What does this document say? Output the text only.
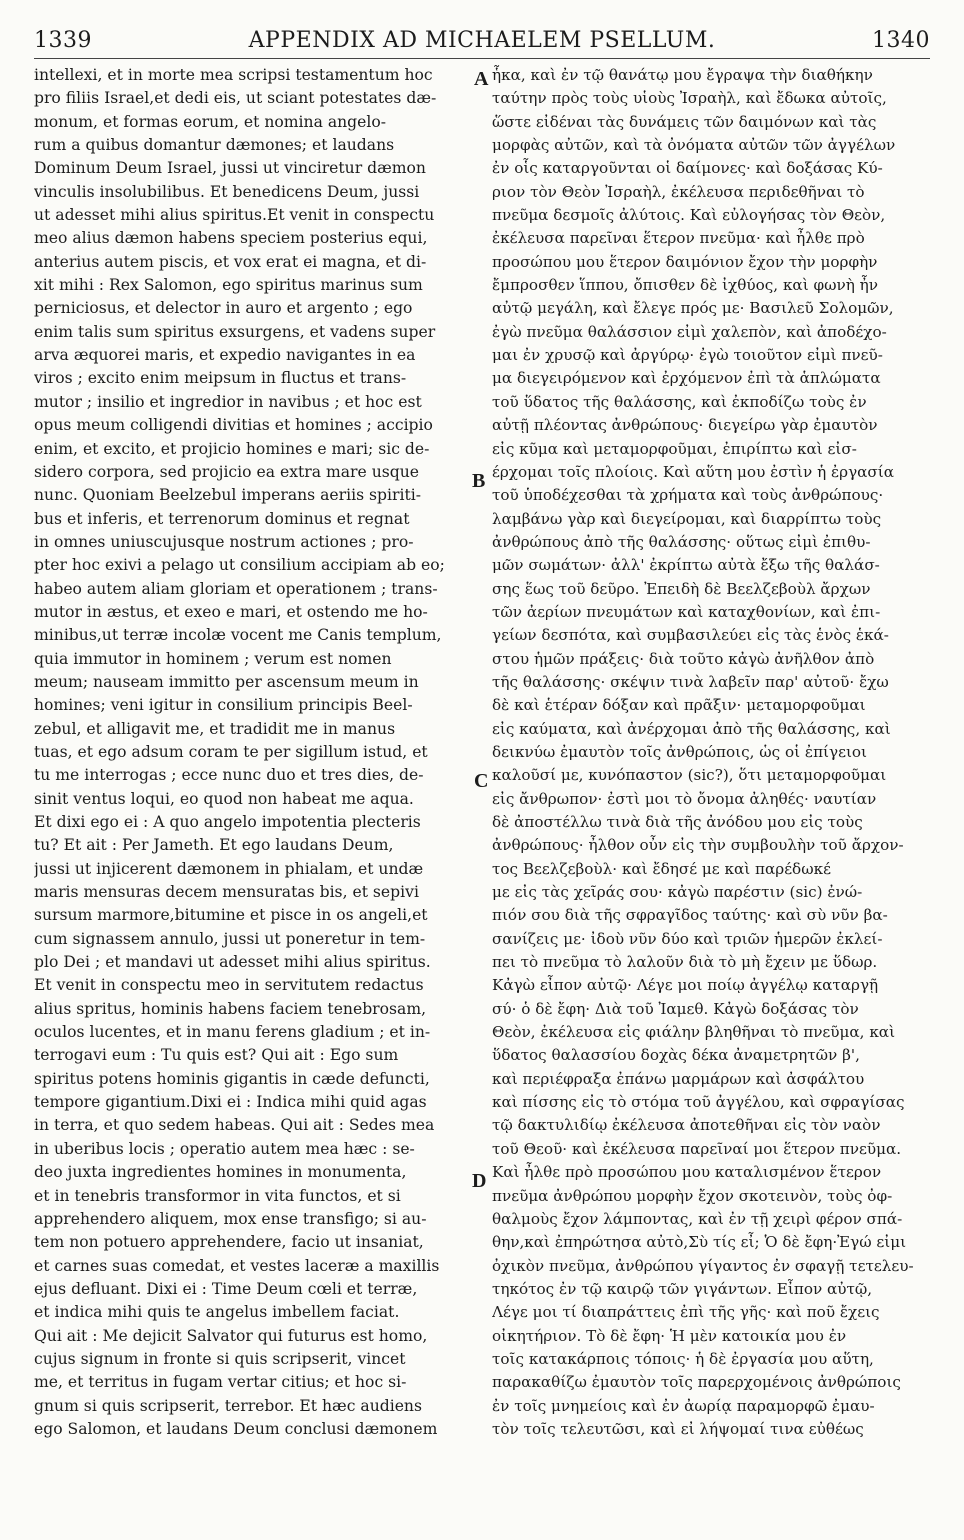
1339	APPENDIX AD MICHAELEM PSELLUM.	1340
intellexi, et in morte mea scripsi testamentum hoc
pro filiis Israel,et dedi eis, ut sciant potestates dæ-
monum, et formas eorum, et nomina angelo-
rum a quibus domantur dæmones; et laudans
Dominum Deum Israel, jussi ut vinciretur dæmon
vinculis insolubilibus. Et benedicens Deum, jussi
ut adesset mihi alius spiritus.Et venit in conspectu
meo alius dæmon habens speciem posterius equi,
anterius autem piscis, et vox erat ei magna, et di-
xit mihi : Rex Salomon, ego spiritus marinus sum
perniciosus, et delector in auro et argento ; ego
enim talis sum spiritus exsurgens, et vadens super
arva æquorei maris, et expedio navigantes in ea
viros ; excito enim meipsum in fluctus et trans-
mutor ; insilio et ingredior in navibus ; et hoc est
opus meum colligendi divitias et homines ; accipio
enim, et excito, et projicio homines e mari; sic de-
sidero corpora, sed projicio ea extra mare usque
nunc. Quoniam Beelzebul imperans aeriis spiriti-
bus et inferis, et terrenorum dominus et regnat
in omnes uniuscujusque nostrum actiones ; pro-
pter hoc exivi a pelago ut consilium accipiam ab eo;
habeo autem aliam gloriam et operationem ; trans-
mutor in æstus, et exeo e mari, et ostendo me ho-
minibus,ut terræ incolæ vocent me Canis templum,
quia immutor in hominem ; verum est nomen
meum; nauseam immitto per ascensum meum in
homines; veni igitur in consilium principis Beel-
zebul, et alligavit me, et tradidit me in manus
tuas, et ego adsum coram te per sigillum istud, et
tu me interrogas ; ecce nunc duo et tres dies, de-
sinit ventus loqui, eo quod non habeat me aqua.
Et dixi ego ei : A quo angelo impotentia plecteris
tu? Et ait : Per Jameth. Et ego laudans Deum,
jussi ut injicerent dæmonem in phialam, et undæ
maris mensuras decem mensuratas bis, et sepivi
sursum marmore,bitumine et pisce in os angeli,et
cum signassem annulo, jussi ut poneretur in tem-
plo Dei ; et mandavi ut adesset mihi alius spiritus.
Et venit in conspectu meo in servitutem redactus
alius spritus, hominis habens faciem tenebrosam,
oculos lucentes, et in manu ferens gladium ; et in-
terrogavi eum : Tu quis est? Qui ait : Ego sum
spiritus potens hominis gigantis in cæde defuncti,
tempore gigantium.Dixi ei : Indica mihi quid agas
in terra, et quo sedem habeas. Qui ait : Sedes mea
in uberibus locis ; operatio autem mea hæc : se-
deo juxta ingredientes homines in monumenta,
et in tenebris transformor in vita functos, et si
apprehendero aliquem, mox ense transfigo; si au-
tem non potuero apprehendere, facio ut insaniat,
et carnes suas comedat, et vestes laceræ a maxillis
ejus defluant. Dixi ei : Time Deum cœli et terræ,
et indica mihi quis te angelus imbellem faciat.
Qui ait : Me dejicit Salvator qui futurus est homo,
cujus signum in fronte si quis scripserit, vincet
me, et territus in fugam vertar citius; et hoc si-
gnum si quis scripserit, terrebor. Et hæc audiens
ego Salomon, et laudans Deum conclusi dæmonem
ἧκα, καὶ ἐν τῷ θανάτῳ μου ἔγραψα τὴν διαθήκην
ταύτην πρὸς τοὺς υἱοὺς Ἰσραὴλ, καὶ ἔδωκα αὐτοῖς,
ὥστε εἰδέναι τὰς δυνάμεις τῶν δαιμόνων καὶ τὰς
μορφὰς αὐτῶν, καὶ τὰ ὀνόματα αὐτῶν τῶν ἀγγέλων
ἐν οἷς καταργοῦνται οἱ δαίμονες· καὶ δοξάσας Κύ-
ριον τὸν Θεὸν Ἰσραὴλ, ἐκέλευσα περιδεθῆναι τὸ
πνεῦμα δεσμοῖς ἀλύτοις. Καὶ εὐλογήσας τὸν Θεὸν,
ἐκέλευσα παρεῖναι ἕτερον πνεῦμα· καὶ ἦλθε πρὸ
προσώπου μου ἕτερον δαιμόνιον ἔχον τὴν μορφὴν
ἔμπροσθεν ἵππου, ὄπισθεν δὲ ἰχθύος, καὶ φωνὴ ἦν
αὐτῷ μεγάλη, καὶ ἔλεγε πρός με· Βασιλεῦ Σολομῶν,
ἐγὼ πνεῦμα θαλάσσιον εἰμὶ χαλεπὸν, καὶ ἀποδέχο-
μαι ἐν χρυσῷ καὶ ἀργύρῳ· ἐγὼ τοιοῦτον εἰμὶ πνεῦ-
μα διεγειρόμενον καὶ ἐρχόμενον ἐπὶ τὰ ἁπλώματα
τοῦ ὕδατος τῆς θαλάσσης, καὶ ἐκποδίζω τοὺς ἐν
αὐτῇ πλέοντας ἀνθρώπους· διεγείρω γὰρ ἐμαυτὸν
εἰς κῦμα καὶ μεταμορφοῦμαι, ἐπιρίπτω καὶ εἰσ-
έρχομαι τοῖς πλοίοις. Καὶ αὕτη μου ἐστὶν ἡ ἐργασία
τοῦ ὑποδέχεσθαι τὰ χρήματα καὶ τοὺς ἀνθρώπους·
λαμβάνω γὰρ καὶ διεγείρομαι, καὶ διαρρίπτω τοὺς
ἀνθρώπους ἀπὸ τῆς θαλάσσης· οὕτως εἰμὶ ἐπιθυ-
μῶν σωμάτων· ἀλλ' ἐκρίπτω αὐτὰ ἔξω τῆς θαλάσ-
σης ἕως τοῦ δεῦρο. Ἐπειδὴ δὲ Βεελζεβοὺλ ἄρχων
τῶν ἀερίων πνευμάτων καὶ καταχθονίων, καὶ ἐπι-
γείων δεσπότα, καὶ συμβασιλεύει εἰς τὰς ἑνὸς ἑκά-
στου ἡμῶν πράξεις· διὰ τοῦτο κἀγὼ ἀνῆλθον ἀπὸ
τῆς θαλάσσης· σκέψιν τινὰ λαβεῖν παρ' αὐτοῦ· ἔχω
δὲ καὶ ἑτέραν δόξαν καὶ πρᾶξιν· μεταμορφοῦμαι
εἰς καύματα, καὶ ἀνέρχομαι ἀπὸ τῆς θαλάσσης, καὶ
δεικνύω ἐμαυτὸν τοῖς ἀνθρώποις, ὡς οἱ ἐπίγειοι
καλοῦσί με, κυνόπαστον (sic?), ὅτι μεταμορφοῦμαι
εἰς ἄνθρωπον· ἐστὶ μοι τὸ ὄνομα ἀληθές· ναυτίαν
δὲ ἀποστέλλω τινὰ διὰ τῆς ἀνόδου μου εἰς τοὺς
ἀνθρώπους· ἦλθον οὖν εἰς τὴν συμβουλὴν τοῦ ἄρχον-
τος Βεελζεβοὺλ· καὶ ἔδησέ με καὶ παρέδωκέ
με εἰς τὰς χεῖράς σου· κἀγὼ παρέστιν (sic) ἐνώ-
πιόν σου διὰ τῆς σφραγῖδος ταύτης· καὶ σὺ νῦν βα-
σανίζεις με· ἰδοὺ νῦν δύο καὶ τριῶν ἡμερῶν ἐκλεί-
πει τὸ πνεῦμα τὸ λαλοῦν διὰ τὸ μὴ ἔχειν με ὕδωρ.
Κἀγὼ εἶπον αὐτῷ· Λέγε μοι ποίῳ ἀγγέλῳ καταργῇ
σύ· ὁ δὲ ἔφη· Διὰ τοῦ Ἰαμεθ. Κἀγὼ δοξάσας τὸν
Θεὸν, ἐκέλευσα εἰς φιάλην βληθῆναι τὸ πνεῦμα, καὶ
ὕδατος θαλασσίου δοχὰς δέκα ἀναμετρητῶν β',
καὶ περιέφραξα ἐπάνω μαρμάρων καὶ ἀσφάλτου
καὶ πίσσης εἰς τὸ στόμα τοῦ ἀγγέλου, καὶ σφραγίσας
τῷ δακτυλιδίῳ ἐκέλευσα ἀποτεθῆναι εἰς τὸν ναὸν
τοῦ Θεοῦ· καὶ ἐκέλευσα παρεῖναί μοι ἕτερον πνεῦμα.
Καὶ ἦλθε πρὸ προσώπου μου καταλισμένον ἕτερον
πνεῦμα ἀνθρώπου μορφὴν ἔχον σκοτεινὸν, τοὺς ὀφ-
θαλμοὺς ἔχον λάμποντας, καὶ ἐν τῇ χειρὶ φέρον σπά-
θην,καὶ ἐπηρώτησα αὐτὸ,Σὺ τίς εἶ; Ὁ δὲ ἔφη·Ἐγώ εἰμι
ὀχικὸν πνεῦμα, ἀνθρώπου γίγαντος ἐν σφαγῇ τετελευ-
τηκότος ἐν τῷ καιρῷ τῶν γιγάντων. Εἶπον αὐτῷ,
Λέγε μοι τί διαπράττεις ἐπὶ τῆς γῆς· καὶ ποῦ ἔχεις
οἰκητήριον. Τὸ δὲ ἔφη· Ἡ μὲν κατοικία μου ἐν
τοῖς κατακάρποις τόποις· ἡ δὲ ἐργασία μου αὕτη,
παρακαθίζω ἐμαυτὸν τοῖς παρερχομένοις ἀνθρώποις
ἐν τοῖς μνημείοις καὶ ἐν ἀωρίᾳ παραμορφῶ ἐμαυ-
τὸν τοῖς τελευτῶσι, καὶ εἰ λήψομαί τινα εὐθέως
A
B
C
D
